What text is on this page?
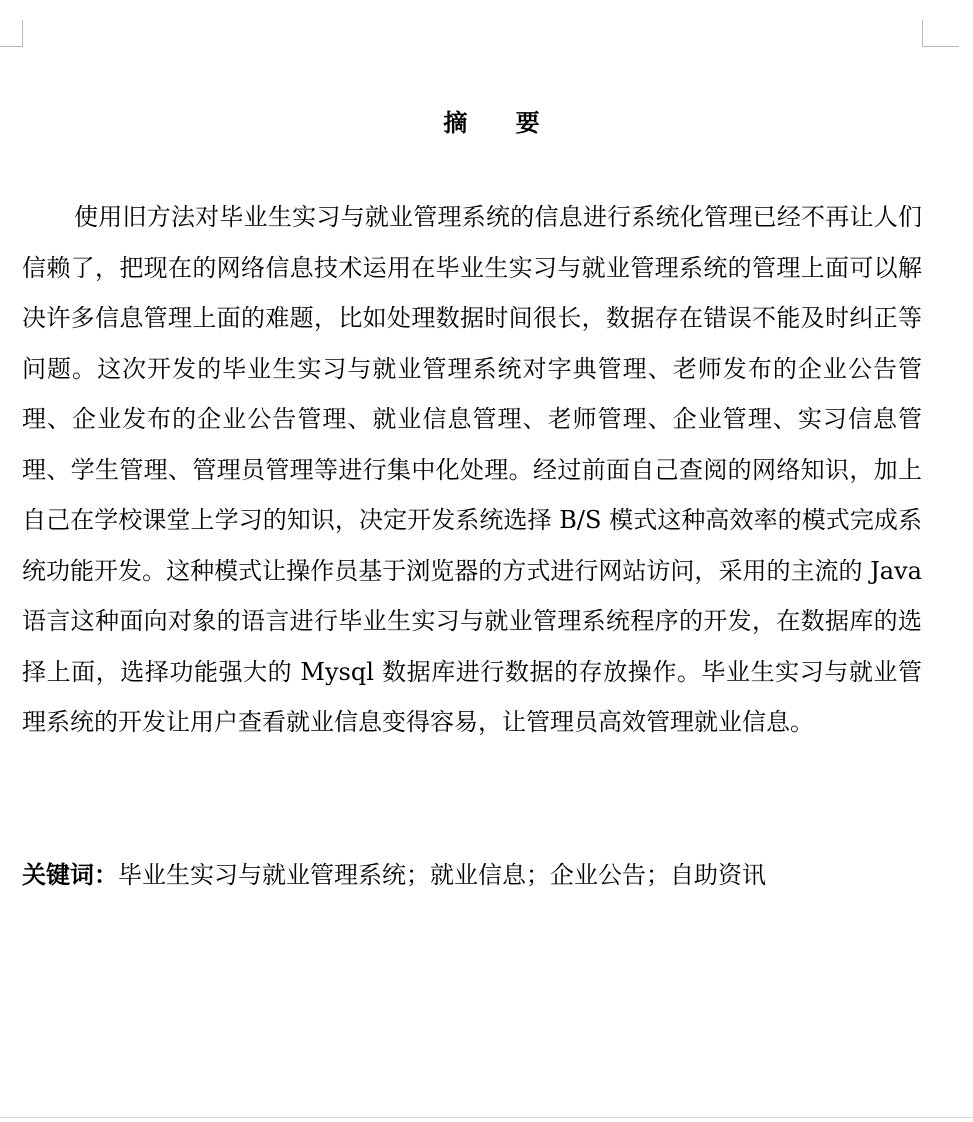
摘 要

使用旧方法对毕业生实习与就业管理系统的信息进行系统化管理已经不再让人们信赖了，把现在的网络信息技术运用在毕业生实习与就业管理系统的管理上面可以解决许多信息管理上面的难题，比如处理数据时间很长，数据存在错误不能及时纠正等问题。这次开发的毕业生实习与就业管理系统对字典管理、老师发布的企业公告管理、企业发布的企业公告管理、就业信息管理、老师管理、企业管理、实习信息管理、学生管理、管理员管理等进行集中化处理。经过前面自己查阅的网络知识，加上自己在学校课堂上学习的知识，决定开发系统选择 B/S 模式这种高效率的模式完成系统功能开发。这种模式让操作员基于浏览器的方式进行网站访问，采用的主流的 Java 语言这种面向对象的语言进行毕业生实习与就业管理系统程序的开发，在数据库的选择上面，选择功能强大的 Mysql 数据库进行数据的存放操作。毕业生实习与就业管理系统的开发让用户查看就业信息变得容易，让管理员高效管理就业信息。

关键词：毕业生实习与就业管理系统；就业信息；企业公告；自助资讯
